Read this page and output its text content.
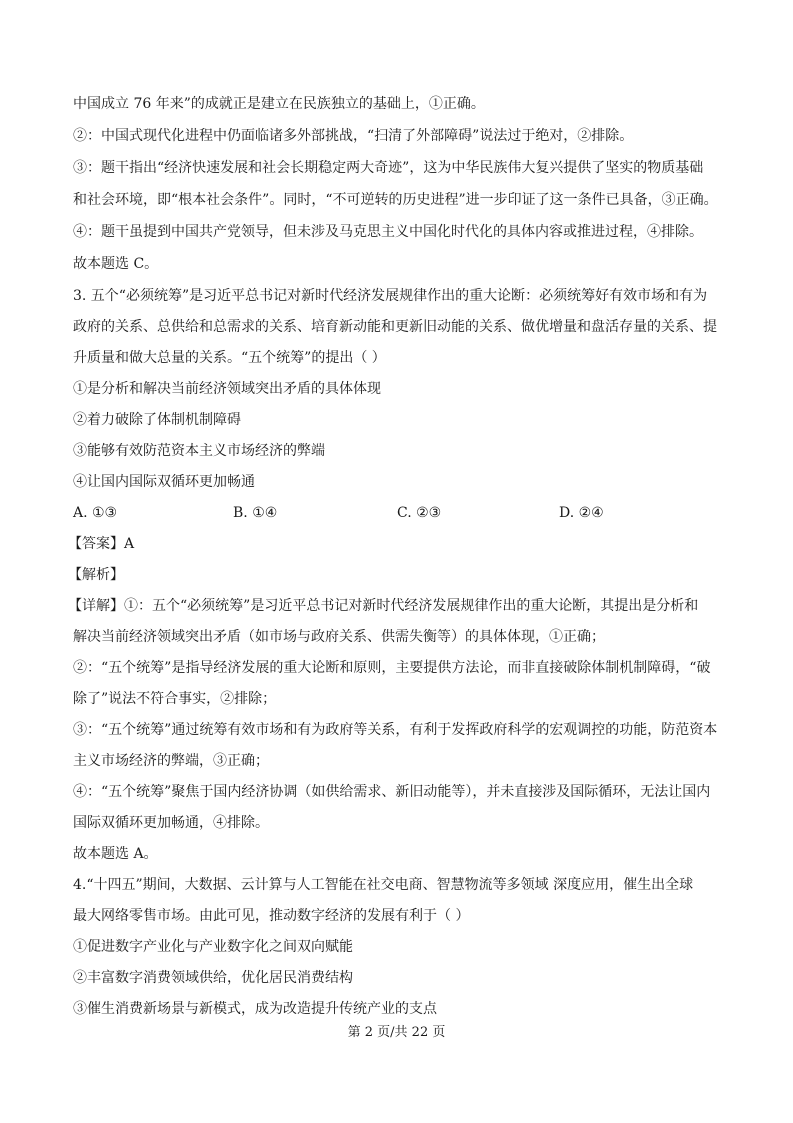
中国成立 76 年来”的成就正是建立在民族独立的基础上，①正确。
②：中国式现代化进程中仍面临诸多外部挑战，“扫清了外部障碍”说法过于绝对，②排除。
③：题干指出“经济快速发展和社会长期稳定两大奇迹”，这为中华民族伟大复兴提供了坚实的物质基础
和社会环境，即“根本社会条件”。同时，“不可逆转的历史进程”进一步印证了这一条件已具备，③正确。
④：题干虽提到中国共产党领导，但未涉及马克思主义中国化时代化的具体内容或推进过程，④排除。
故本题选 C。
3. 五个“必须统筹”是习近平总书记对新时代经济发展规律作出的重大论断：必须统筹好有效市场和有为
政府的关系、总供给和总需求的关系、培育新动能和更新旧动能的关系、做优增量和盘活存量的关系、提
升质量和做大总量的关系。“五个统筹”的提出（ ）
①是分析和解决当前经济领域突出矛盾的具体体现
②着力破除了体制机制障碍
③能够有效防范资本主义市场经济的弊端
④让国内国际双循环更加畅通
A. ①③	B. ①④	C. ②③	D. ②④
【答案】A
【解析】
【详解】①：五个“必须统筹”是习近平总书记对新时代经济发展规律作出的重大论断，其提出是分析和
解决当前经济领域突出矛盾（如市场与政府关系、供需失衡等）的具体体现，①正确；
②：“五个统筹”是指导经济发展的重大论断和原则，主要提供方法论，而非直接破除体制机制障碍，“破
除了”说法不符合事实，②排除；
③：“五个统筹”通过统筹有效市场和有为政府等关系，有利于发挥政府科学的宏观调控的功能，防范资本
主义市场经济的弊端，③正确；
④：“五个统筹”聚焦于国内经济协调（如供给需求、新旧动能等），并未直接涉及国际循环，无法让国内
国际双循环更加畅通，④排除。
故本题选 A。
4.“十四五”期间，大数据、云计算与人工智能在社交电商、智慧物流等多领域 深度应用，催生出全球
最大网络零售市场。由此可见，推动数字经济的发展有利于（ ）
①促进数字产业化与产业数字化之间双向赋能
②丰富数字消费领域供给，优化居民消费结构
③催生消费新场景与新模式，成为改造提升传统产业的支点
第 2 页/共 22 页
